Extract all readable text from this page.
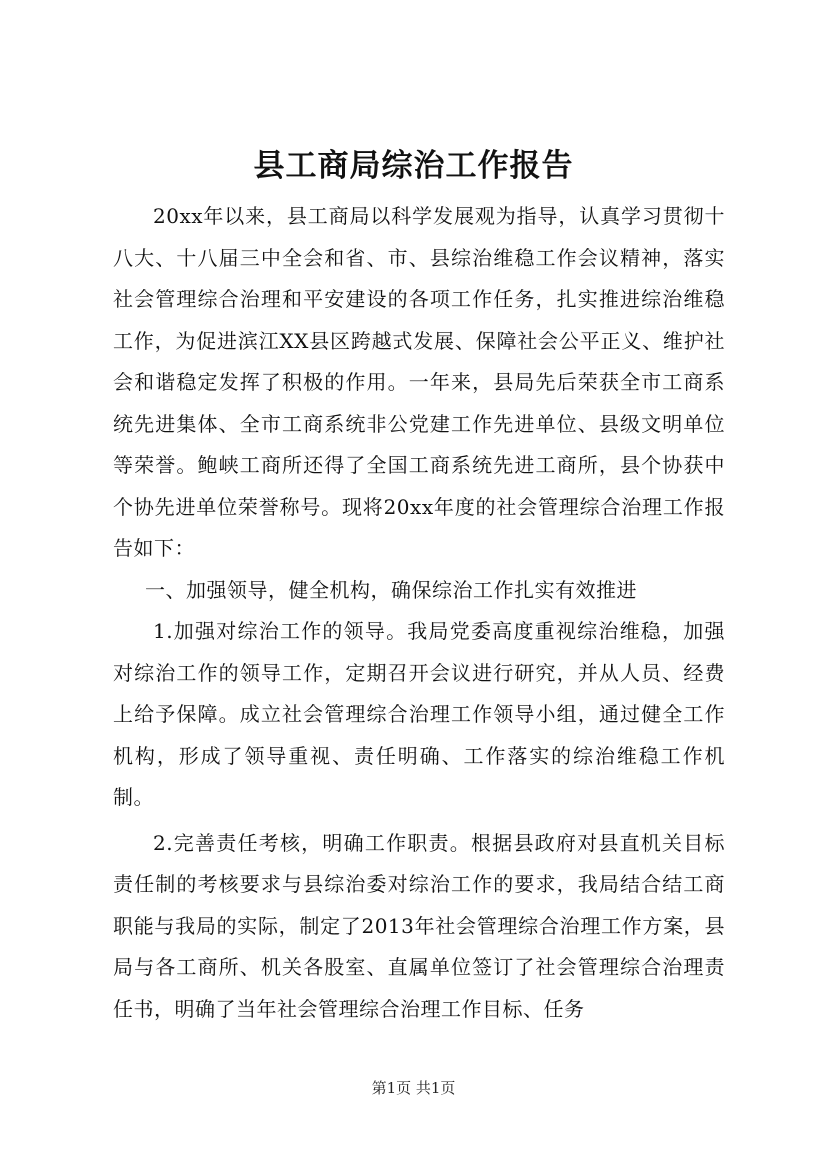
县工商局综治工作报告

20xx年以来，县工商局以科学发展观为指导，认真学习贯彻十八大、十八届三中全会和省、市、县综治维稳工作会议精神，落实社会管理综合治理和平安建设的各项工作任务，扎实推进综治维稳工作，为促进滨江XX县区跨越式发展、保障社会公平正义、维护社会和谐稳定发挥了积极的作用。一年来，县局先后荣获全市工商系统先进集体、全市工商系统非公党建工作先进单位、县级文明单位等荣誉。鲍峡工商所还得了全国工商系统先进工商所，县个协获中个协先进单位荣誉称号。现将20xx年度的社会管理综合治理工作报告如下：

一、加强领导，健全机构，确保综治工作扎实有效推进

1.加强对综治工作的领导。我局党委高度重视综治维稳，加强对综治工作的领导工作，定期召开会议进行研究，并从人员、经费上给予保障。成立社会管理综合治理工作领导小组，通过健全工作机构，形成了领导重视、责任明确、工作落实的综治维稳工作机制。

2.完善责任考核，明确工作职责。根据县政府对县直机关目标责任制的考核要求与县综治委对综治工作的要求，我局结合结工商职能与我局的实际，制定了2013年社会管理综合治理工作方案，县局与各工商所、机关各股室、直属单位签订了社会管理综合治理责任书，明确了当年社会管理综合治理工作目标、任务

第1页 共1页
